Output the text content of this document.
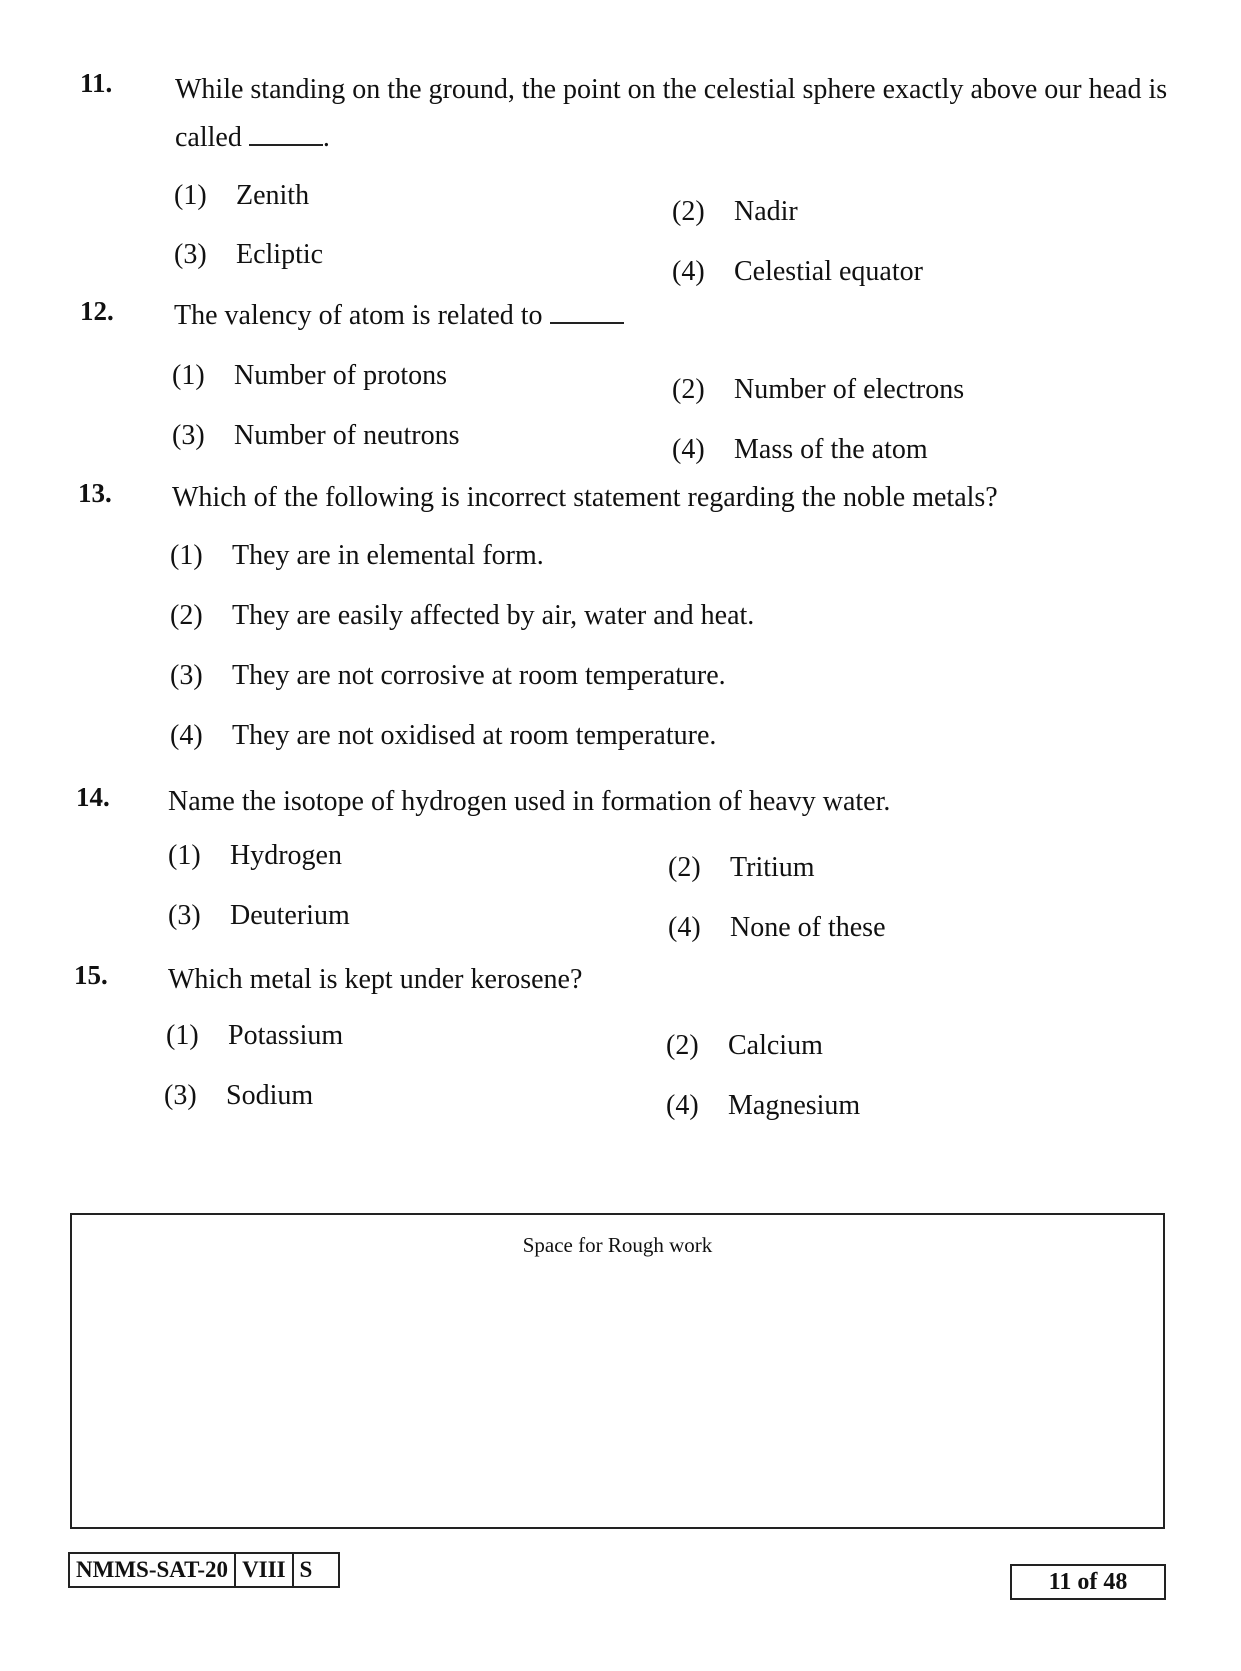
11. While standing on the ground, the point on the celestial sphere exactly above our head is called	.
(1) Zenith
(2) Nadir
(3) Ecliptic
(4) Celestial equator
12. The valency of atom is related to
(1) Number of protons	(2) Number of electrons
(3) Number of neutrons	(4) Mass of the atom
13. Which of the following is incorrect statement regarding the noble metals?
(1) They are in elemental form.
(2) They are easily affected by air, water and heat.
(3) They are not corrosive at room temperature.
(4) They are not oxidised at room temperature.
14. Name the isotope of hydrogen used in formation of heavy water.
(1) Hydrogen	(2) Tritium
(3) Deuterium	(4) None of these
15. Which metal is kept under kerosene?
(1) Potassium	(2) Calcium
(3) Sodium	(4) Magnesium
Space for Rough work
NMMS-SAT-20 VIII S	11 of 48
